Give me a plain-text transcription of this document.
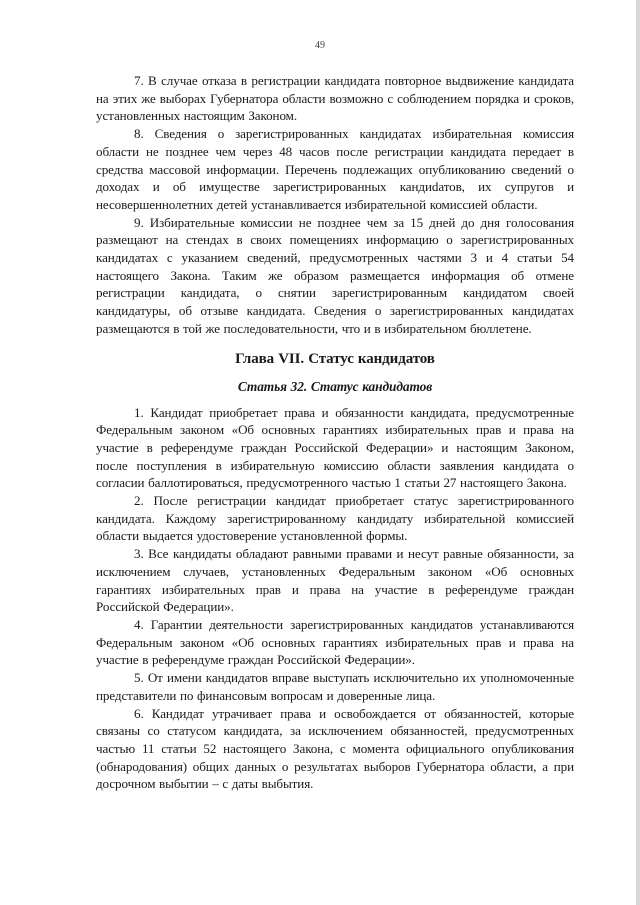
49

7. В случае отказа в регистрации кандидата повторное выдвижение кандидата на этих же выборах Губернатора области возможно с соблюдением порядка и сроков, установленных настоящим Законом.

8. Сведения о зарегистрированных кандидатах избирательная комиссия области не позднее чем через 48 часов после регистрации кандидата передает в средства массовой информации. Перечень подлежащих опубликованию сведений о доходах и об имуществе зарегистрированных кандиdатов, их супругов и несовершеннолетних детей устанавливается избирательной комиссией области.

9. Избирательные комиссии не позднее чем за 15 дней до дня голосования размещают на стендах в своих помещениях информацию о зарегистрированных кандидатах с указанием сведений, предусмотренных частями 3 и 4 статьи 54 настоящего Закона. Таким же образом размещается информация об отмене регистрации кандидата, о снятии зарегистрированным кандидатом своей кандидатуры, об отзыве кандидата. Сведения о зарегистрированных кандидатах размещаются в той же последовательности, что и в избирательном бюллетене.

Глава VII. Статус кандидатов
Статья 32. Статус кандидатов

1. Кандидат приобретает права и обязанности кандидата, предусмотренные Федеральным законом «Об основных гарантиях избирательных прав и права на участие в референдуме граждан Российской Федерации» и настоящим Законом, после поступления в избирательную комиссию области заявления кандидата о согласии баллотироваться, предусмотренного частью 1 статьи 27 настоящего Закона.

2. После регистрации кандидат приобретает статус зарегистрированного кандидата. Каждому зарегистрированному кандидату избирательной комиссией области выдается удостоверение установленной формы.

3. Все кандидаты обладают равными правами и несут равные обязанности, за исключением случаев, установленных Федеральным законом «Об основных гарантиях избирательных прав и права на участие в референдуме граждан Российской Федерации».

4. Гарантии деятельности зарегистрированных кандидатов устанавливаются Федеральным законом «Об основных гарантиях избирательных прав и права на участие в референдуме граждан Российской Федерации».

5. От имени кандидатов вправе выступать исключительно их уполномоченные представители по финансовым вопросам и доверенные лица.

6. Кандидат утрачивает права и освобождается от обязанностей, которые связаны со статусом кандидата, за исключением обязанностей, предусмотренных частью 11 статьи 52 настоящего Закона, с момента официального опубликования (обнародования) общих данных о результатах выборов Губернатора области, а при досрочном выбытии – с даты выбытия.
